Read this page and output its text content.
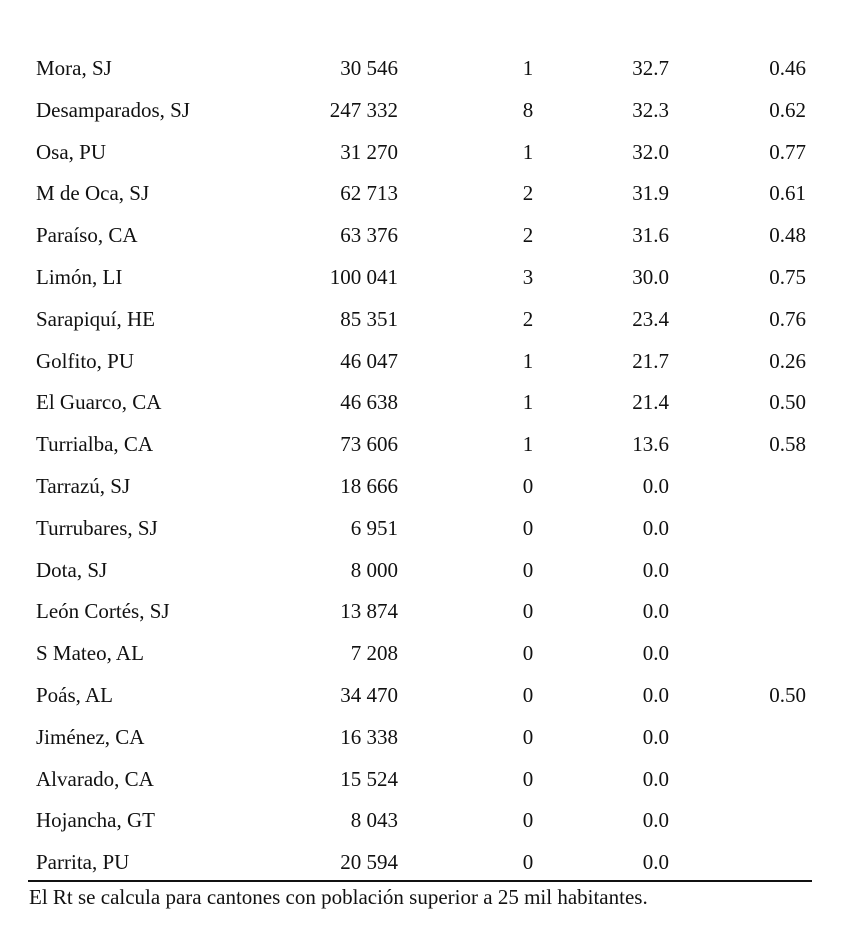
Mora, SJ	30 546	1	32.7	0.46
Desamparados, SJ	247 332	8	32.3	0.62
Osa, PU	31 270	1	32.0	0.77
M de Oca, SJ	62 713	2	31.9	0.61
Paraíso, CA	63 376	2	31.6	0.48
Limón, LI	100 041	3	30.0	0.75
Sarapiquí, HE	85 351	2	23.4	0.76
Golfito, PU	46 047	1	21.7	0.26
El Guarco, CA	46 638	1	21.4	0.50
Turrialba, CA	73 606	1	13.6	0.58
Tarrazú, SJ	18 666	0	0.0
Turrubares, SJ	6 951	0	0.0
Dota, SJ	8 000	0	0.0
León Cortés, SJ	13 874	0	0.0
S Mateo, AL	7 208	0	0.0
Poás, AL	34 470	0	0.0	0.50
Jiménez, CA	16 338	0	0.0
Alvarado, CA	15 524	0	0.0
Hojancha, GT	8 043	0	0.0
Parrita, PU	20 594	0	0.0
El Rt se calcula para cantones con población superior a 25 mil habitantes.
